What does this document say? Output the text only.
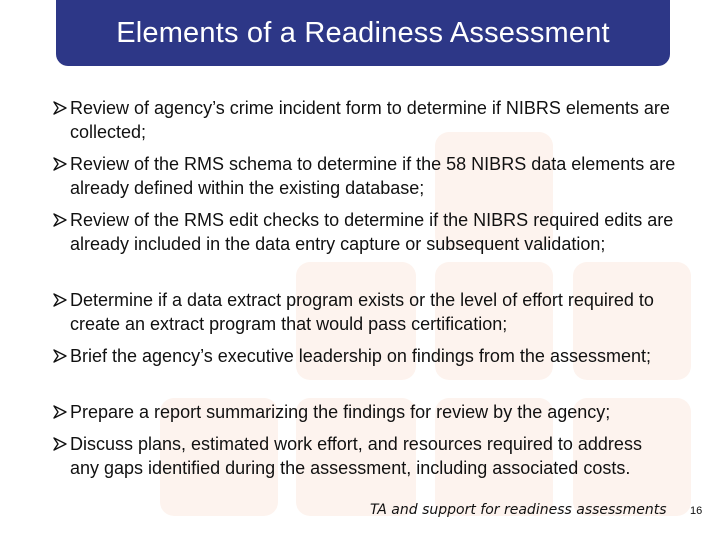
Elements of a Readiness Assessment
Review of agency’s crime incident form to determine if NIBRS elements are collected;
Review of the RMS schema to determine if the 58 NIBRS data elements are already defined within the existing database;
Review of the RMS edit checks to determine if the NIBRS required edits are already included in the data entry capture or subsequent validation;
Determine if a data extract program exists or the level of effort required to create an extract program that would pass certification;
Brief the agency’s executive leadership on findings from the assessment;
Prepare a report summarizing the findings for review by the agency;
Discuss plans, estimated work effort, and resources required to address any gaps identified during the assessment, including associated costs.
TA and support for readiness assessments 16
